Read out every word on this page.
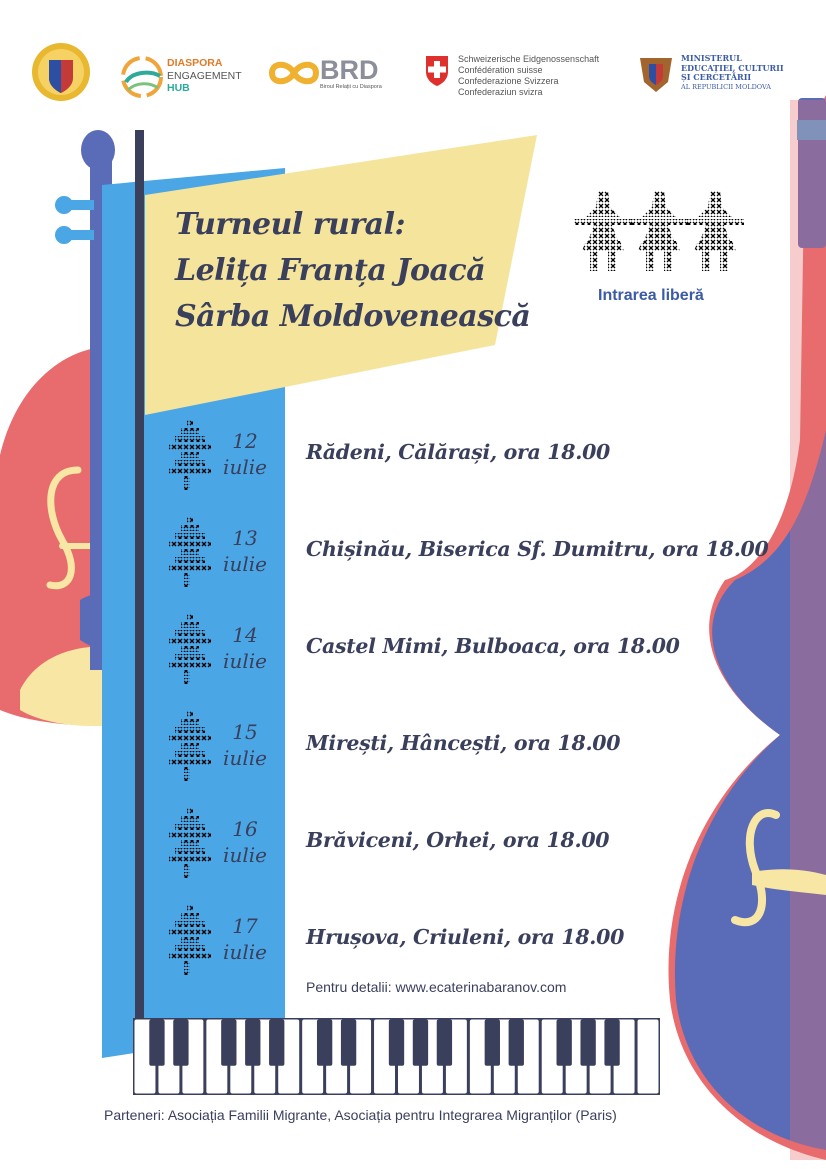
DIASPORA
ENGAGEMENT
HUB
BRD
Biroul Relații cu Diaspora
Schweizerische Eidgenossenschaft
Confédération suisse
Confederazione Svizzera
Confederaziun svizra
MINISTERUL
EDUCAȚIEI, CULTURII
ȘI CERCETĂRII
AL REPUBLICII MOLDOVA
Turneul rural:
Lelița Franța Joacă
Sârba Moldovenească
Intrarea liberă
12
iulie
Rădeni, Călărași, ora 18.00
13
iulie
Chișinău, Biserica Sf. Dumitru, ora 18.00
14
iulie
Castel Mimi, Bulboaca, ora 18.00
15
iulie
Mirești, Hâncești, ora 18.00
16
iulie
Brăviceni, Orhei, ora 18.00
17
iulie
Hrușova, Criuleni, ora 18.00
Pentru detalii: www.ecaterinabaranov.com
Parteneri: Asociația Familii Migrante, Asociația pentru Integrarea Migranților (Paris)
